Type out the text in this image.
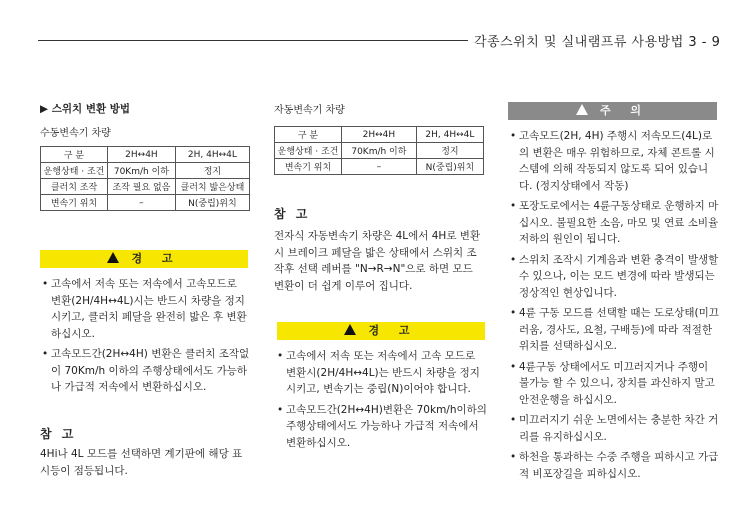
각종스위치 및 실내램프류 사용방법 3 - 9
▶ 스위치 변환 방법
수동변속기 차량
구 분	2H↔4H	2H, 4H↔4L
운행상태 · 조건	70Km/h 이하	정지
클러치 조작	조작 필요 없음	클러치 밟은상태
변속기 위치	–	N(중립)위치
경 고
• 고속에서 저속 또는 저속에서 고속모드로 변환(2H/4H↔4L)시는 반드시 차량을 정지시키고, 클러치 페달을 완전히 밟은 후 변환하십시오.
• 고속모드간(2H↔4H) 변환은 클러치 조작없이 70Km/h 이하의 주행상태에서도 가능하나 가급적 저속에서 변환하십시오.
참 고
4Hi나 4L 모드를 선택하면 계기판에 해당 표시등이 점등됩니다.
자동변속기 차량
구 분	2H↔4H	2H, 4H↔4L
운행상태 · 조건	70Km/h 이하	정지
변속기 위치	–	N(중립)위치
참 고
전자식 자동변속기 차량은 4L에서 4H로 변환시 브레이크 페달을 밟은 상태에서 스위치 조작후 선택 레버를 "N→R→N"으로 하면 모드 변환이 더 쉽게 이루어 집니다.
경 고
• 고속에서 저속 또는 저속에서 고속 모드로 변환시(2H/4H↔4L)는 반드시 차량을 정지시키고, 변속기는 중립(N)이어야 합니다.
• 고속모드간(2H↔4H)변환은 70km/h이하의 주행상태에서도 가능하나 가급적 저속에서 변환하십시오.
주 의
• 고속모드(2H, 4H) 주행시 저속모드(4L)로의 변환은 매우 위험하므로, 자체 콘트롤 시스템에 의해 작동되지 않도록 되어 있습니다. (정지상태에서 작동)
• 포장도로에서는 4륜구동상태로 운행하지 마십시오. 불필요한 소음, 마모 및 연료 소비율 저하의 원인이 됩니다.
• 스위치 조작시 기계음과 변환 충격이 발생할 수 있으나, 이는 모드 변경에 따라 발생되는 정상적인 현상입니다.
• 4륜 구동 모드를 선택할 때는 도로상태(미끄러움, 경사도, 요철, 구배등)에 따라 적절한 위치를 선택하십시오.
• 4륜구동 상태에서도 미끄러지거나 주행이 불가능 할 수 있으니, 장치를 과신하지 말고 안전운행을 하십시오.
• 미끄러지기 쉬운 노면에서는 충분한 차간 거리를 유지하십시오.
• 하천을 통과하는 수중 주행을 피하시고 가급적 비포장길을 피하십시오.
